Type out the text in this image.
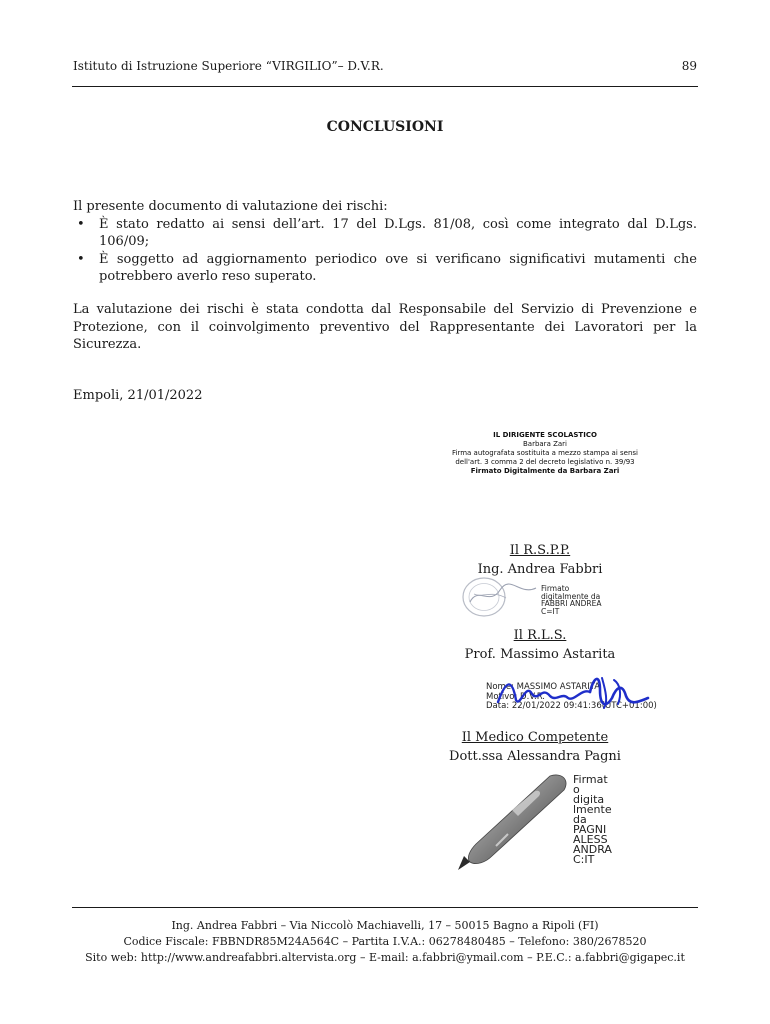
Istituto di Istruzione Superiore “VIRGILIO”– D.V.R.	89
CONCLUSIONI
Il presente documento di valutazione dei rischi:
• È stato redatto ai sensi dell’art. 17 del D.Lgs. 81/08, così come integrato dal D.Lgs. 106/09;
• È soggetto ad aggiornamento periodico ove si verificano significativi mutamenti che potrebbero averlo reso superato.
La valutazione dei rischi è stata condotta dal Responsabile del Servizio di Prevenzione e Protezione, con il coinvolgimento preventivo del Rappresentante dei Lavoratori per la Sicurezza.
Empoli, 21/01/2022
IL DIRIGENTE SCOLASTICO
Barbara Zari
Firma autografata sostituita a mezzo stampa ai sensi
dell'art. 3 comma 2 del decreto legislativo n. 39/93
Firmato Digitalmente da Barbara Zari
Il R.S.P.P.
Ing. Andrea Fabbri
Firmato
digitalmente da
FABBRI ANDREA
C=IT
Il R.L.S.
Prof. Massimo Astarita
Nome: MASSIMO ASTARITA
Motivo: D.V.R.
Data: 22/01/2022 09:41:36(UTC+01:00)
Il Medico Competente
Dott.ssa Alessandra Pagni
Firmat
o
digita
lmente
da
PAGNI
ALESS
ANDRA
C:IT
Ing. Andrea Fabbri – Via Niccolò Machiavelli, 17 – 50015 Bagno a Ripoli (FI)
Codice Fiscale: FBBNDR85M24A564C – Partita I.V.A.: 06278480485 – Telefono: 380/2678520
Sito web: http://www.andreafabbri.altervista.org – E-mail: a.fabbri@ymail.com – P.E.C.: a.fabbri@gigapec.it
